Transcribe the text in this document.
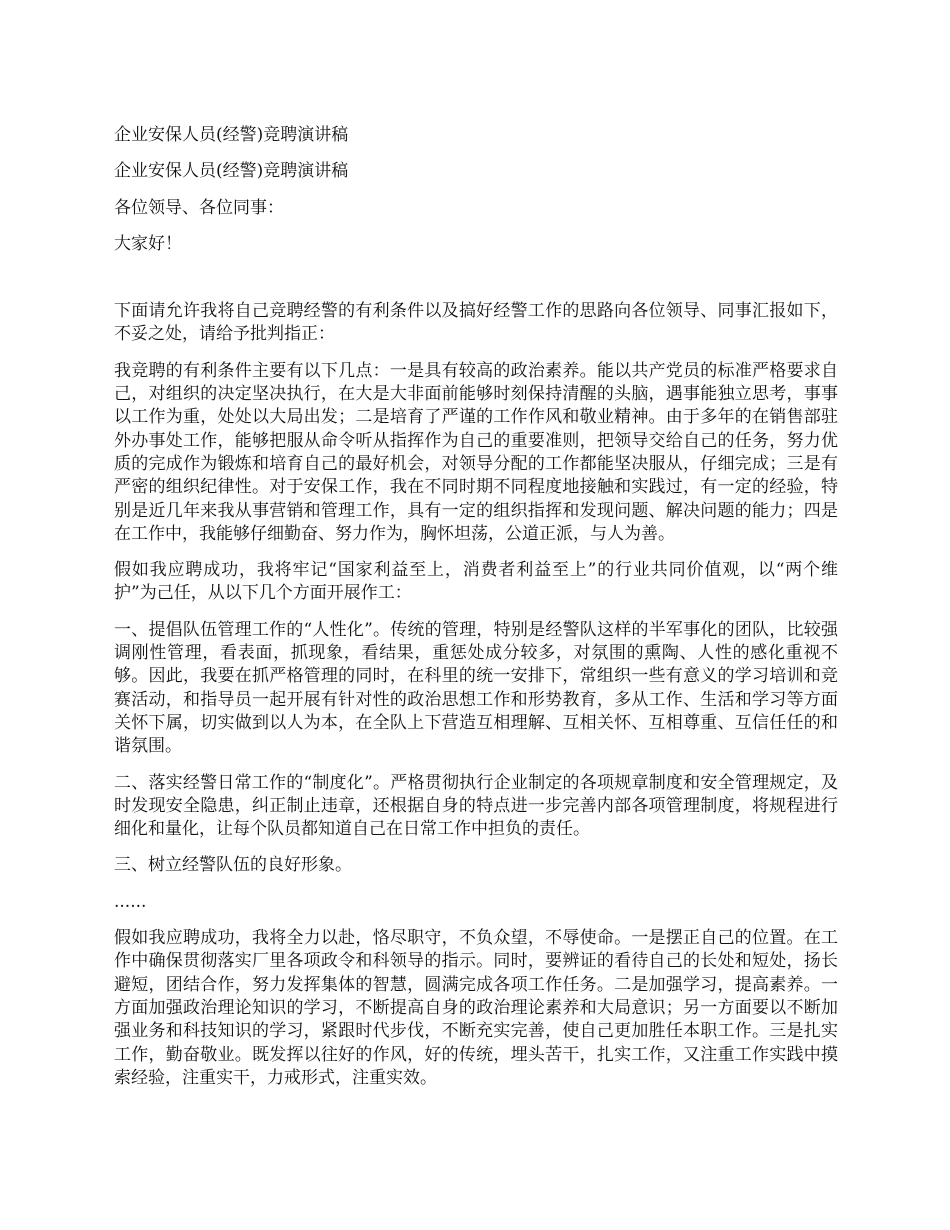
企业安保人员(经警)竞聘演讲稿

企业安保人员(经警)竞聘演讲稿

各位领导、各位同事：

大家好！

下面请允许我将自己竞聘经警的有利条件以及搞好经警工作的思路向各位领导、同事汇报如下，不妥之处，请给予批判指正：

我竞聘的有利条件主要有以下几点：一是具有较高的政治素养。能以共产党员的标准严格要求自己，对组织的决定坚决执行，在大是大非面前能够时刻保持清醒的头脑，遇事能独立思考，事事以工作为重，处处以大局出发；二是培育了严谨的工作作风和敬业精神。由于多年的在销售部驻外办事处工作，能够把服从命令听从指挥作为自己的重要准则，把领导交给自己的任务，努力优质的完成作为锻炼和培育自己的最好机会，对领导分配的工作都能坚决服从，仔细完成；三是有严密的组织纪律性。对于安保工作，我在不同时期不同程度地接触和实践过，有一定的经验，特别是近几年来我从事营销和管理工作，具有一定的组织指挥和发现问题、解决问题的能力；四是在工作中，我能够仔细勤奋、努力作为，胸怀坦荡，公道正派，与人为善。

假如我应聘成功，我将牢记“国家利益至上，消费者利益至上”的行业共同价值观，以“两个维护”为己任，从以下几个方面开展作工：

一、提倡队伍管理工作的“人性化”。传统的管理，特别是经警队这样的半军事化的团队，比较强调刚性管理，看表面，抓现象，看结果，重惩处成分较多，对氛围的熏陶、人性的感化重视不够。因此，我要在抓严格管理的同时，在科里的统一安排下，常组织一些有意义的学习培训和竞赛活动，和指导员一起开展有针对性的政治思想工作和形势教育，多从工作、生活和学习等方面关怀下属，切实做到以人为本，在全队上下营造互相理解、互相关怀、互相尊重、互信任任的和谐氛围。

二、落实经警日常工作的“制度化”。严格贯彻执行企业制定的各项规章制度和安全管理规定，及时发现安全隐患，纠正制止违章，还根据自身的特点进一步完善内部各项管理制度，将规程进行细化和量化，让每个队员都知道自己在日常工作中担负的责任。

三、树立经警队伍的良好形象。

......

假如我应聘成功，我将全力以赴，恪尽职守，不负众望，不辱使命。一是摆正自己的位置。在工作中确保贯彻落实厂里各项政令和科领导的指示。同时，要辨证的看待自己的长处和短处，扬长避短，团结合作，努力发挥集体的智慧，圆满完成各项工作任务。二是加强学习，提高素养。一方面加强政治理论知识的学习，不断提高自身的政治理论素养和大局意识；另一方面要以不断加强业务和科技知识的学习，紧跟时代步伐，不断充实完善，使自己更加胜任本职工作。三是扎实工作，勤奋敬业。既发挥以往好的作风，好的传统，埋头苦干，扎实工作，又注重工作实践中摸索经验，注重实干，力戒形式，注重实效。
